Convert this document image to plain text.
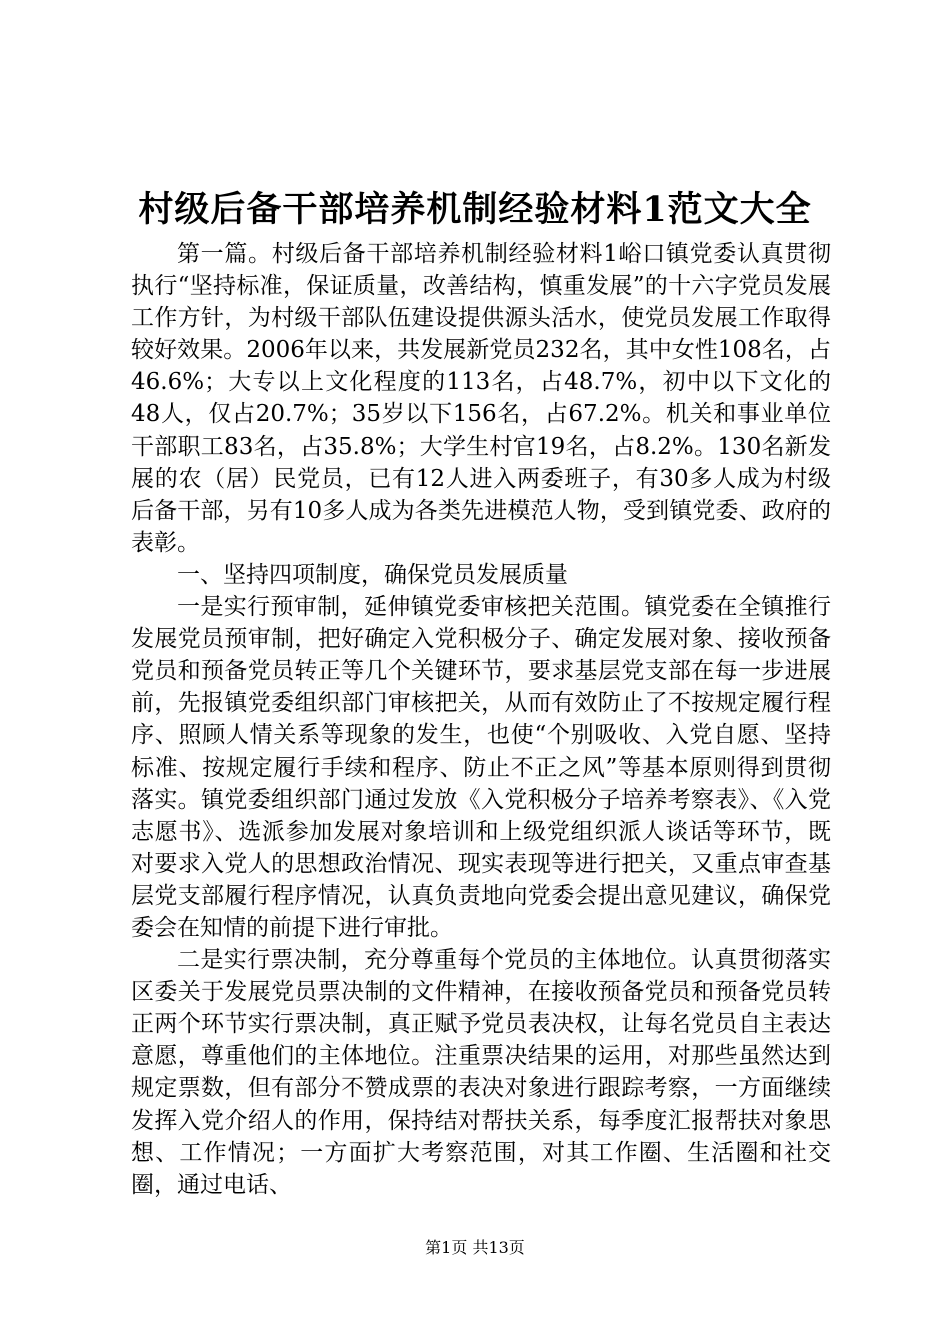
村级后备干部培养机制经验材料1范文大全

第一篇。村级后备干部培养机制经验材料1峪口镇党委认真贯彻执行“坚持标准，保证质量，改善结构，慎重发展”的十六字党员发展工作方针，为村级干部队伍建设提供源头活水，使党员发展工作取得较好效果。2006年以来，共发展新党员232名，其中女性108名，占46.6%；大专以上文化程度的113名，占48.7%，初中以下文化的48人，仅占20.7%；35岁以下156名，占67.2%。机关和事业单位干部职工83名，占35.8%；大学生村官19名，占8.2%。130名新发展的农（居）民党员，已有12人进入两委班子，有30多人成为村级后备干部，另有10多人成为各类先进模范人物，受到镇党委、政府的表彰。

一、坚持四项制度，确保党员发展质量

一是实行预审制，延伸镇党委审核把关范围。镇党委在全镇推行发展党员预审制，把好确定入党积极分子、确定发展对象、接收预备党员和预备党员转正等几个关键环节，要求基层党支部在每一步进展前，先报镇党委组织部门审核把关，从而有效防止了不按规定履行程序、照顾人情关系等现象的发生，也使“个别吸收、入党自愿、坚持标准、按规定履行手续和程序、防止不正之风”等基本原则得到贯彻落实。镇党委组织部门通过发放《入党积极分子培养考察表》、《入党志愿书》、选派参加发展对象培训和上级党组织派人谈话等环节，既对要求入党人的思想政治情况、现实表现等进行把关，又重点审查基层党支部履行程序情况，认真负责地向党委会提出意见建议，确保党委会在知情的前提下进行审批。

二是实行票决制，充分尊重每个党员的主体地位。认真贯彻落实区委关于发展党员票决制的文件精神，在接收预备党员和预备党员转正两个环节实行票决制，真正赋予党员表决权，让每名党员自主表达意愿，尊重他们的主体地位。注重票决结果的运用，对那些虽然达到规定票数，但有部分不赞成票的表决对象进行跟踪考察，一方面继续发挥入党介绍人的作用，保持结对帮扶关系，每季度汇报帮扶对象思想、工作情况；一方面扩大考察范围，对其工作圈、生活圈和社交圈，通过电话、

第1页 共13页
